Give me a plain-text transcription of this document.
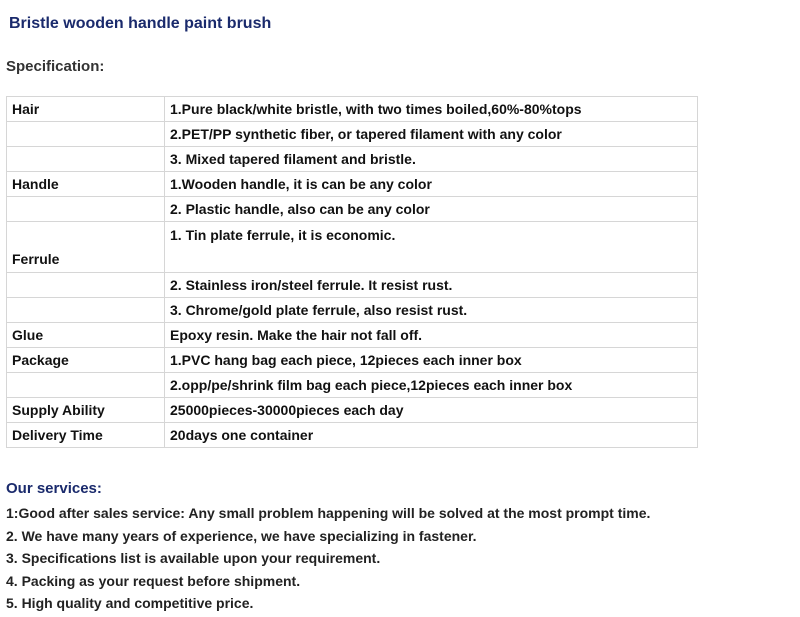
Bristle wooden handle paint brush
Specification:
Hair	1.Pure black/white bristle, with two times boiled,60%-80%tops
	2.PET/PP synthetic fiber, or tapered filament with any color
	3. Mixed tapered filament and bristle.
Handle	1.Wooden handle, it is can be any color
	2. Plastic handle, also can be any color
Ferrule	1. Tin plate ferrule, it is economic.
	2. Stainless iron/steel ferrule. It resist rust.
	3. Chrome/gold plate ferrule, also resist rust.
Glue	Epoxy resin. Make the hair not fall off.
Package	1.PVC hang bag each piece, 12pieces each inner box
	2.opp/pe/shrink film bag each piece,12pieces each inner box
Supply Ability	25000pieces-30000pieces each day
Delivery Time	20days one container
Our services:
1:Good after sales service: Any small problem happening will be solved at the most prompt time.
2. We have many years of experience, we have specializing in fastener.
3. Specifications list is available upon your requirement.
4. Packing as your request before shipment.
5. High quality and competitive price.
